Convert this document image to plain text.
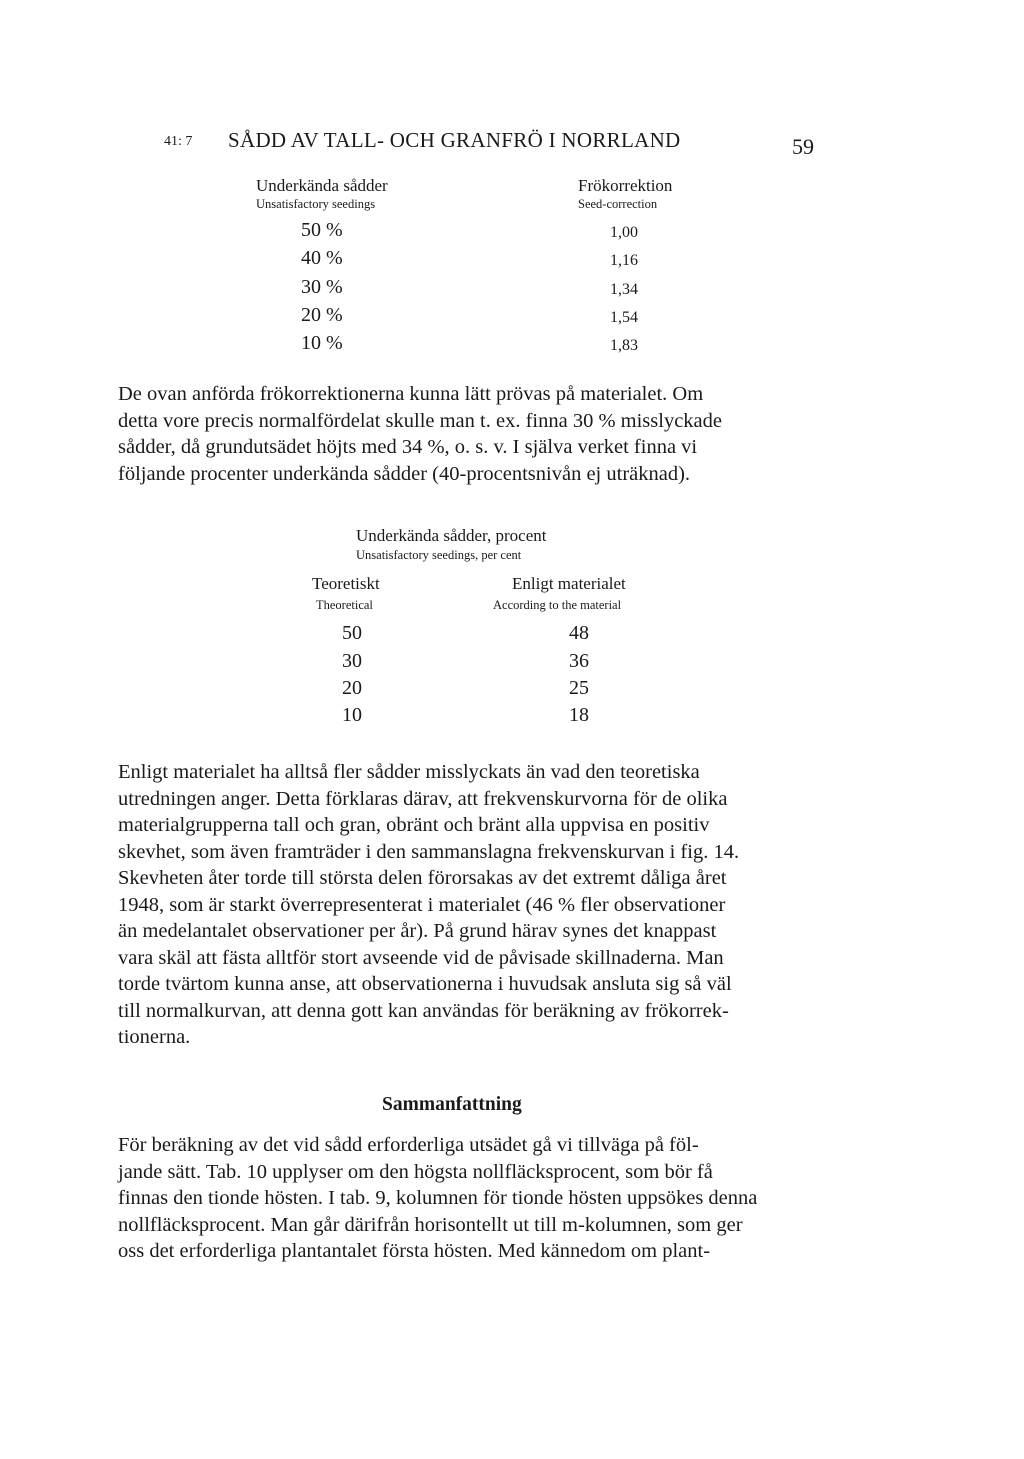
41: 7 SÅDD AV TALL- OCH GRANFRÖ I NORRLAND	59
Underkända sådder
Unsatisfactory seedings
Frökorrektion
Seed-correction
50 %
40 %
30 %
20 %
10 %
1,00
1,16
1,34
1,54
1,83
De ovan anförda frökorrektionerna kunna lätt prövas på materialet. Om
detta vore precis normalfördelat skulle man t. ex. finna 30 % misslyckade
sådder, då grundutsädet höjts med 34 %, o. s. v. I själva verket finna vi
följande procenter underkända sådder (40-procentsnivån ej uträknad).
Underkända sådder, procent
Unsatisfactory seedings, per cent
Teoretiskt
Theoretical
Enligt materialet
According to the material
50
30
20
10
48
36
25
18
Enligt materialet ha alltså fler sådder misslyckats än vad den teoretiska
utredningen anger. Detta förklaras därav, att frekvenskurvorna för de olika
materialgrupperna tall och gran, obränt och bränt alla uppvisa en positiv
skevhet, som även framträder i den sammanslagna frekvenskurvan i fig. 14.
Skevheten åter torde till största delen förorsakas av det extremt dåliga året
1948, som är starkt överrepresenterat i materialet (46 % fler observationer
än medelantalet observationer per år). På grund härav synes det knappast
vara skäl att fästa alltför stort avseende vid de påvisade skillnaderna. Man
torde tvärtom kunna anse, att observationerna i huvudsak ansluta sig så väl
till normalkurvan, att denna gott kan användas för beräkning av frökorrek-
tionerna.
Sammanfattning
För beräkning av det vid sådd erforderliga utsädet gå vi tillväga på föl-
jande sätt. Tab. 10 upplyser om den högsta nollfläcksprocent, som bör få
finnas den tionde hösten. I tab. 9, kolumnen för tionde hösten uppsökes denna
nollfläcksprocent. Man går därifrån horisontellt ut till m-kolumnen, som ger
oss det erforderliga plantantalet första hösten. Med kännedom om plant-
